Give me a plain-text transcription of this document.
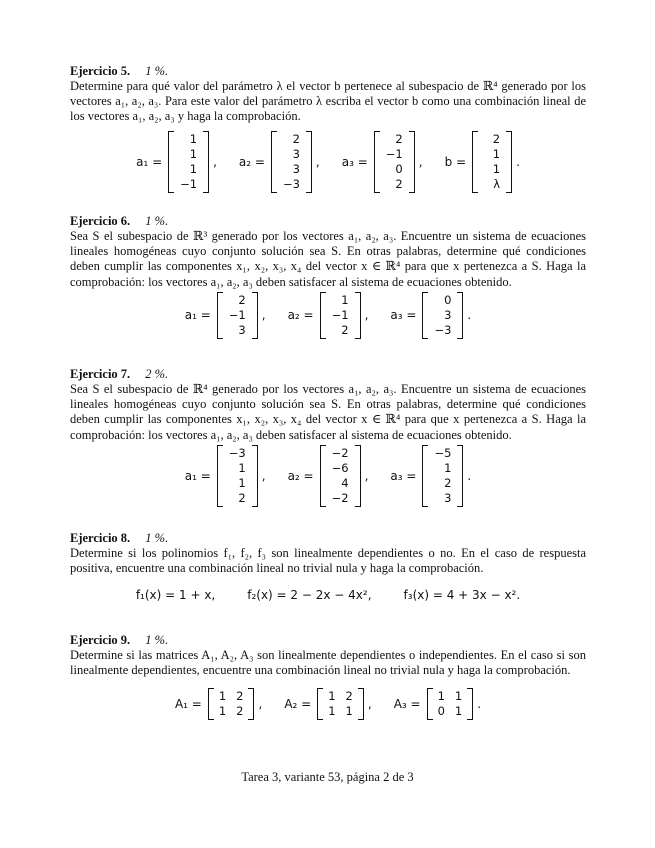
Ejercicio 5. 1 %.
Determine para qué valor del parámetro λ el vector b pertenece al subespacio de ℝ⁴ generado por los vectores a₁, a₂, a₃. Para este valor del parámetro λ escriba el vector b como una combinación lineal de los vectores a₁, a₂, a₃ y haga la comprobación.
a₁ =
1
1
1
−1
, a₂ =
2
3
3
−3
, a₃ =
2
−1
0
2
, b =
2
1
1
λ
.
Ejercicio 6. 1 %.
Sea S el subespacio de ℝ³ generado por los vectores a₁, a₂, a₃. Encuentre un sistema de ecuaciones lineales homogéneas cuyo conjunto solución sea S. En otras palabras, determine qué condiciones deben cumplir las componentes x₁, x₂, x₃, x₄ del vector x ∈ ℝ⁴ para que x pertenezca a S. Haga la comprobación: los vectores a₁, a₂, a₃ deben satisfacer al sistema de ecuaciones obtenido.
a₁ =
2
−1
3
, a₂ =
1
−1
2
, a₃ =
0
3
−3
.
Ejercicio 7. 2 %.
Sea S el subespacio de ℝ⁴ generado por los vectores a₁, a₂, a₃. Encuentre un sistema de ecuaciones lineales homogéneas cuyo conjunto solución sea S. En otras palabras, determine qué condiciones deben cumplir las componentes x₁, x₂, x₃, x₄ del vector x ∈ ℝ⁴ para que x pertenezca a S. Haga la comprobación: los vectores a₁, a₂, a₃ deben satisfacer al sistema de ecuaciones obtenido.
a₁ =
−3
1
1
2
, a₂ =
−2
−6
4
−2
, a₃ =
−5
1
2
3
.
Ejercicio 8. 1 %.
Determine si los polinomios f₁, f₂, f₃ son linealmente dependientes o no. En el caso de respuesta positiva, encuentre una combinación lineal no trivial nula y haga la comprobación.
f₁(x) = 1 + x,	f₂(x) = 2 − 2x − 4x²,	f₃(x) = 4 + 3x − x².
Ejercicio 9. 1 %.
Determine si las matrices A₁, A₂, A₃ son linealmente dependientes o independientes. En el caso si son linealmente dependientes, encuentre una combinación lineal no trivial nula y haga la comprobación.
A₁ =
1 2
1 2 , A₂ =
1 2
1 1 , A₃ =
1 1
0 1 .
Tarea 3, variante 53, página 2 de 3
